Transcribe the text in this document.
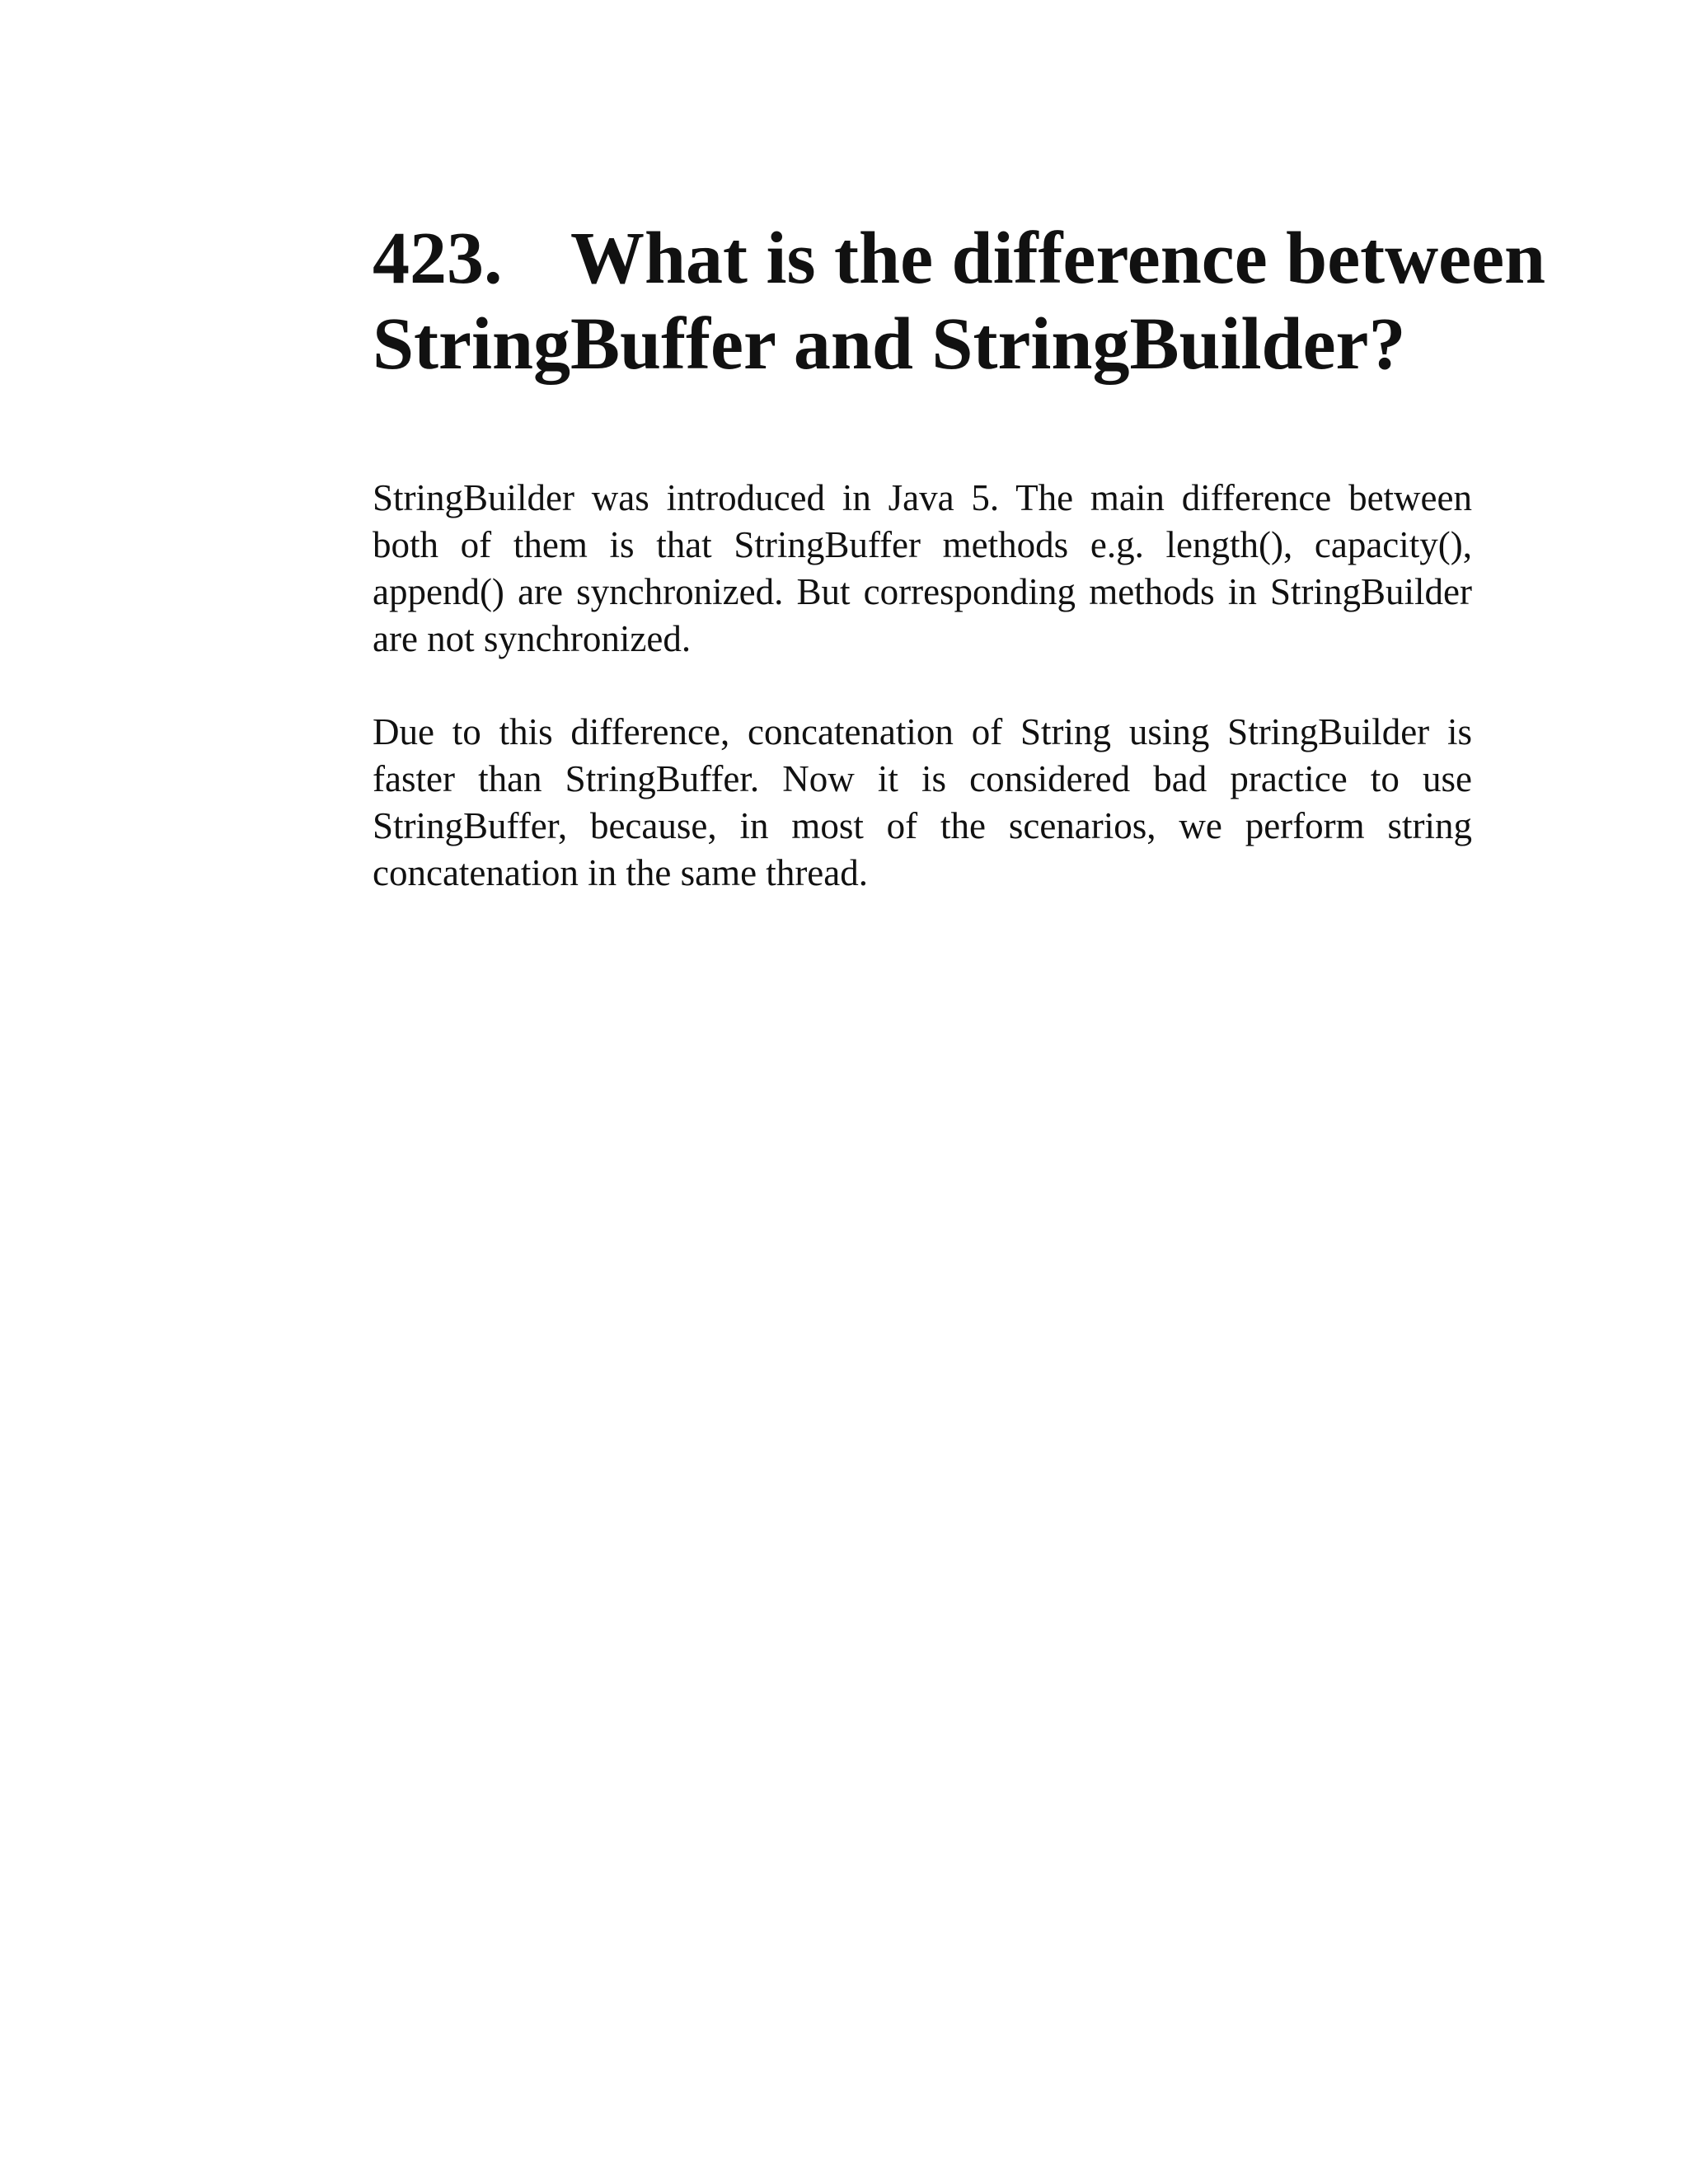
423. What is the difference between
StringBuffer and StringBuilder?

StringBuilder was introduced in Java 5. The main difference between both of them is that StringBuffer methods e.g. length(), capacity(), append() are synchronized. But corresponding methods in StringBuilder are not synchronized.

Due to this difference, concatenation of String using StringBuilder is faster than StringBuffer. Now it is considered bad practice to use StringBuffer, because, in most of the scenarios, we perform string concatenation in the same thread.
